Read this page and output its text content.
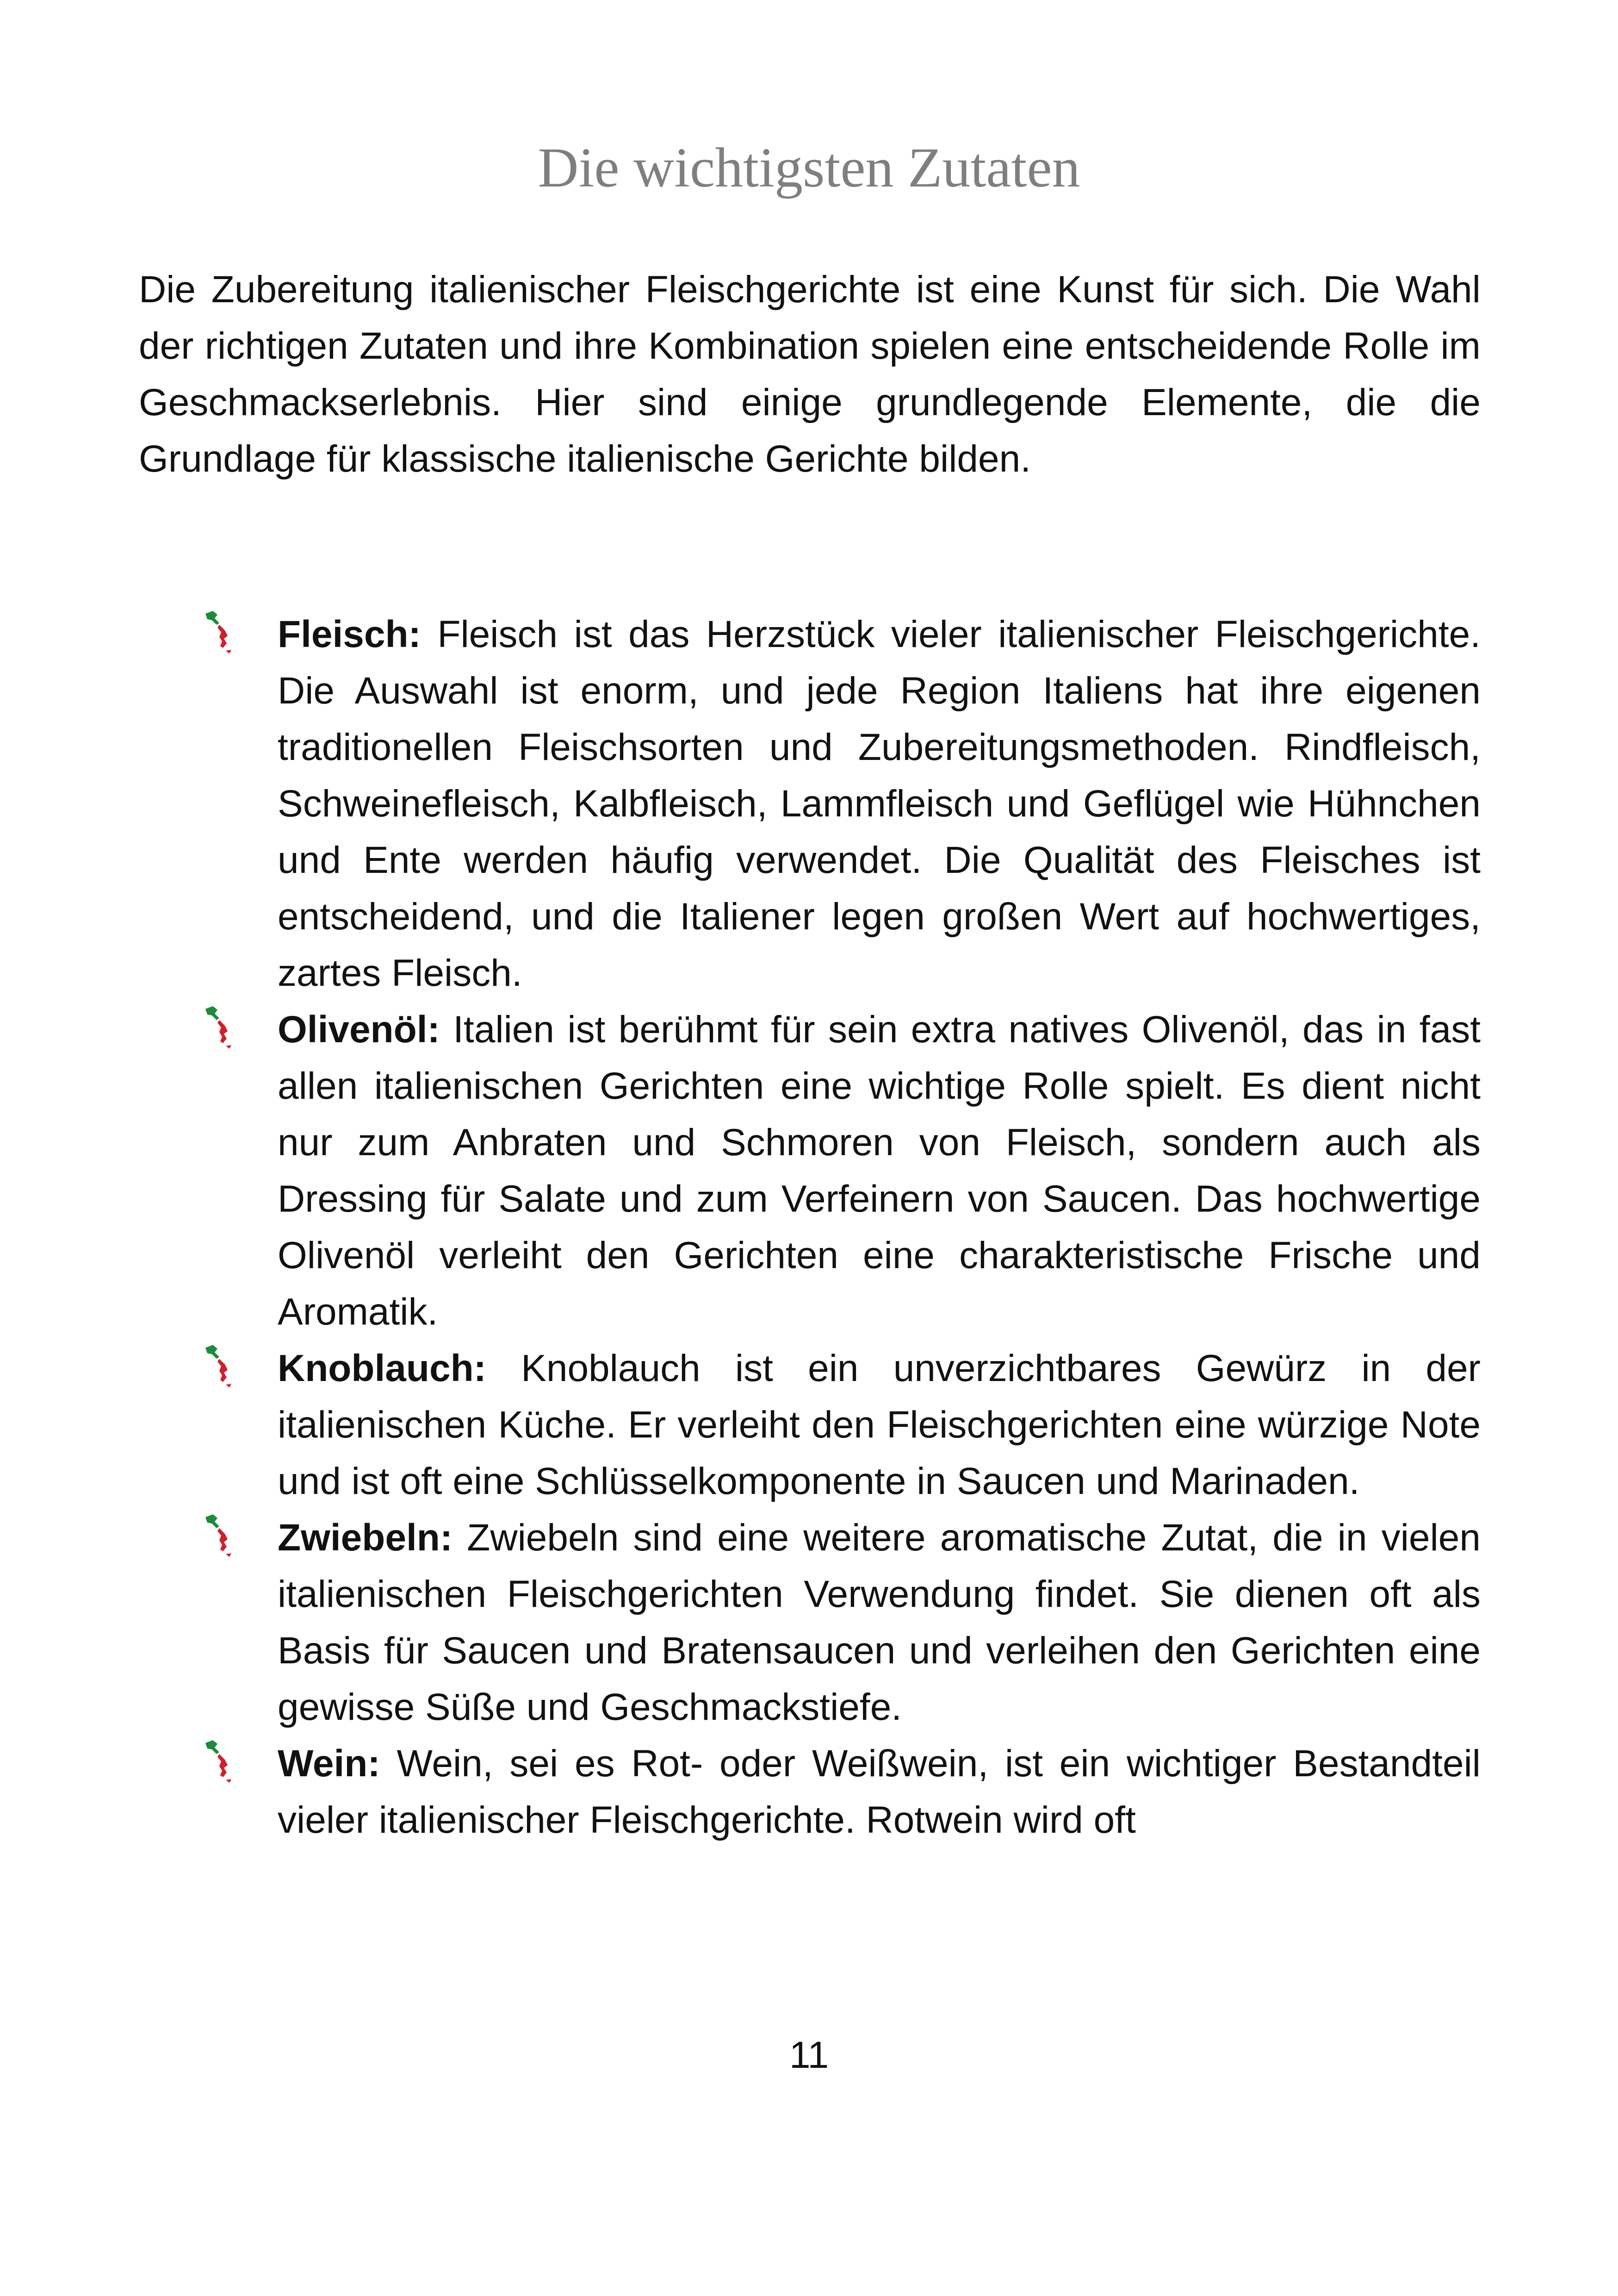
Die wichtigsten Zutaten

Die Zubereitung italienischer Fleischgerichte ist eine Kunst für sich. Die Wahl der richtigen Zutaten und ihre Kombination spielen eine entscheidende Rolle im Geschmackserlebnis. Hier sind einige grundlegende Elemente, die die Grundlage für klassische italienische Gerichte bilden.

Fleisch: Fleisch ist das Herzstück vieler italienischer Fleischgerichte. Die Auswahl ist enorm, und jede Region Italiens hat ihre eigenen traditionellen Fleischsorten und Zubereitungsmethoden. Rindfleisch, Schweinefleisch, Kalbfleisch, Lammfleisch und Geflügel wie Hühnchen und Ente werden häufig verwendet. Die Qualität des Fleisches ist entscheidend, und die Italiener legen großen Wert auf hochwertiges, zartes Fleisch.
Olivenöl: Italien ist berühmt für sein extra natives Olivenöl, das in fast allen italienischen Gerichten eine wichtige Rolle spielt. Es dient nicht nur zum Anbraten und Schmoren von Fleisch, sondern auch als Dressing für Salate und zum Verfeinern von Saucen. Das hochwertige Olivenöl verleiht den Gerichten eine charakteristische Frische und Aromatik.
Knoblauch: Knoblauch ist ein unverzichtbares Gewürz in der italienischen Küche. Er verleiht den Fleischgerichten eine würzige Note und ist oft eine Schlüsselkomponente in Saucen und Marinaden.
Zwiebeln: Zwiebeln sind eine weitere aromatische Zutat, die in vielen italienischen Fleischgerichten Verwendung findet. Sie dienen oft als Basis für Saucen und Bratensaucen und verleihen den Gerichten eine gewisse Süße und Geschmackstiefe.
Wein: Wein, sei es Rot- oder Weißwein, ist ein wichtiger Bestandteil vieler italienischer Fleischgerichte. Rotwein wird oft
11
